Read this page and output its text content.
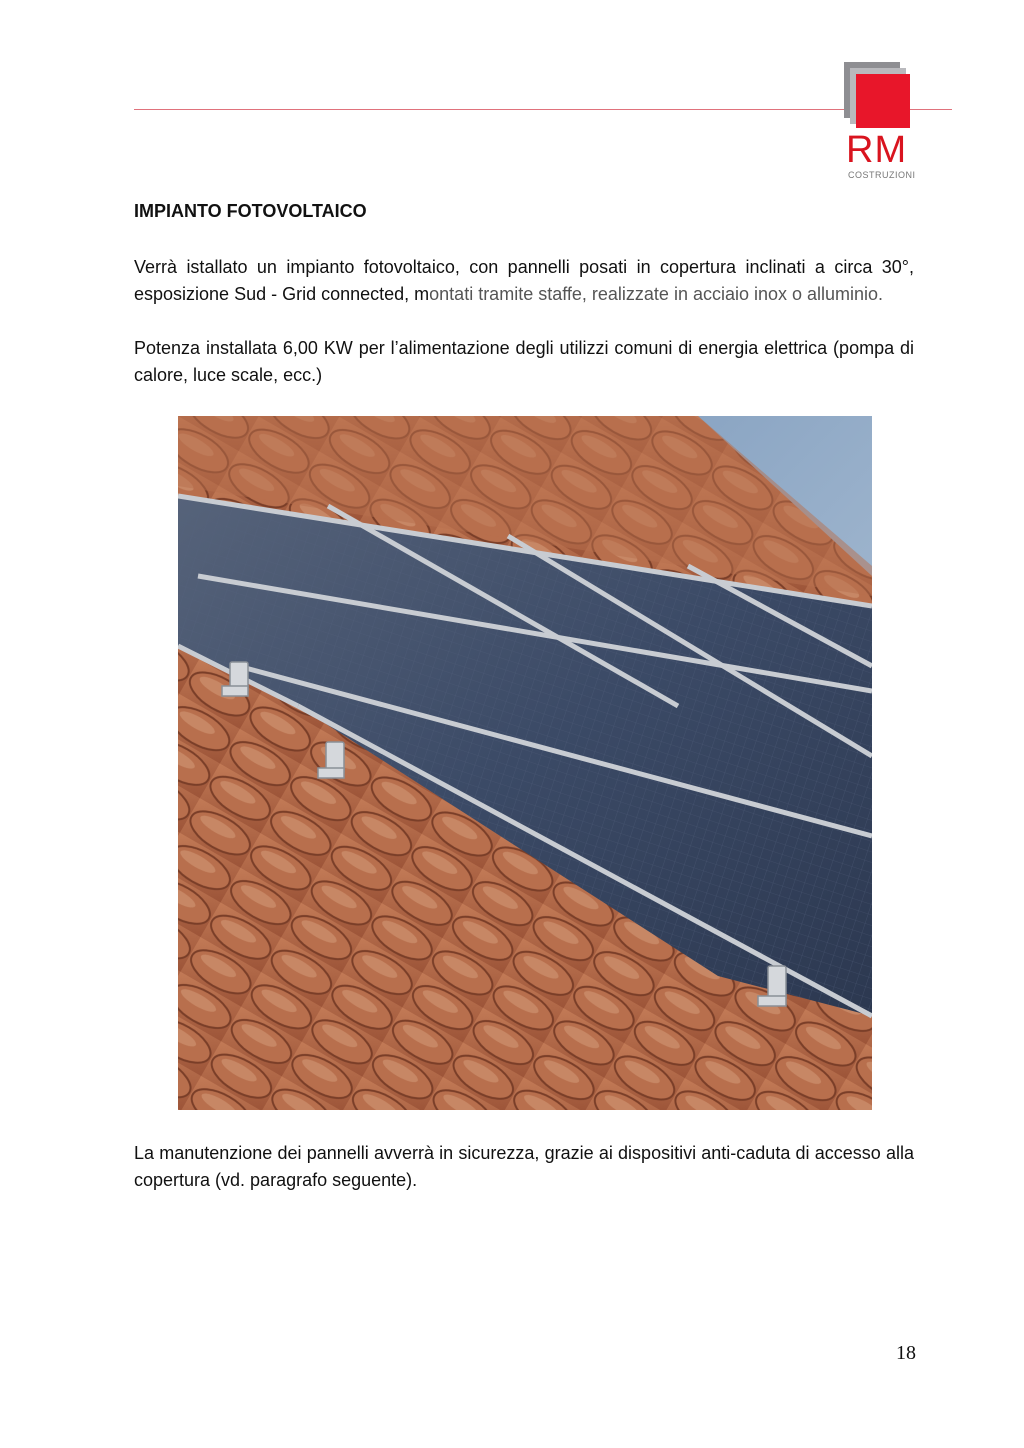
RM
COSTRUZIONI
IMPIANTO FOTOVOLTAICO
Verrà istallato un impianto fotovoltaico, con pannelli posati in copertura inclinati a circa 30°, esposizione Sud - Grid connected, montati tramite staffe, realizzate in acciaio inox o alluminio.
Potenza installata 6,00 KW per l’alimentazione degli utilizzi comuni di energia elettrica (pompa di calore, luce scale, ecc.)
La manutenzione dei pannelli avverrà in sicurezza, grazie ai dispositivi anti-caduta di accesso alla copertura (vd. paragrafo seguente).
18
